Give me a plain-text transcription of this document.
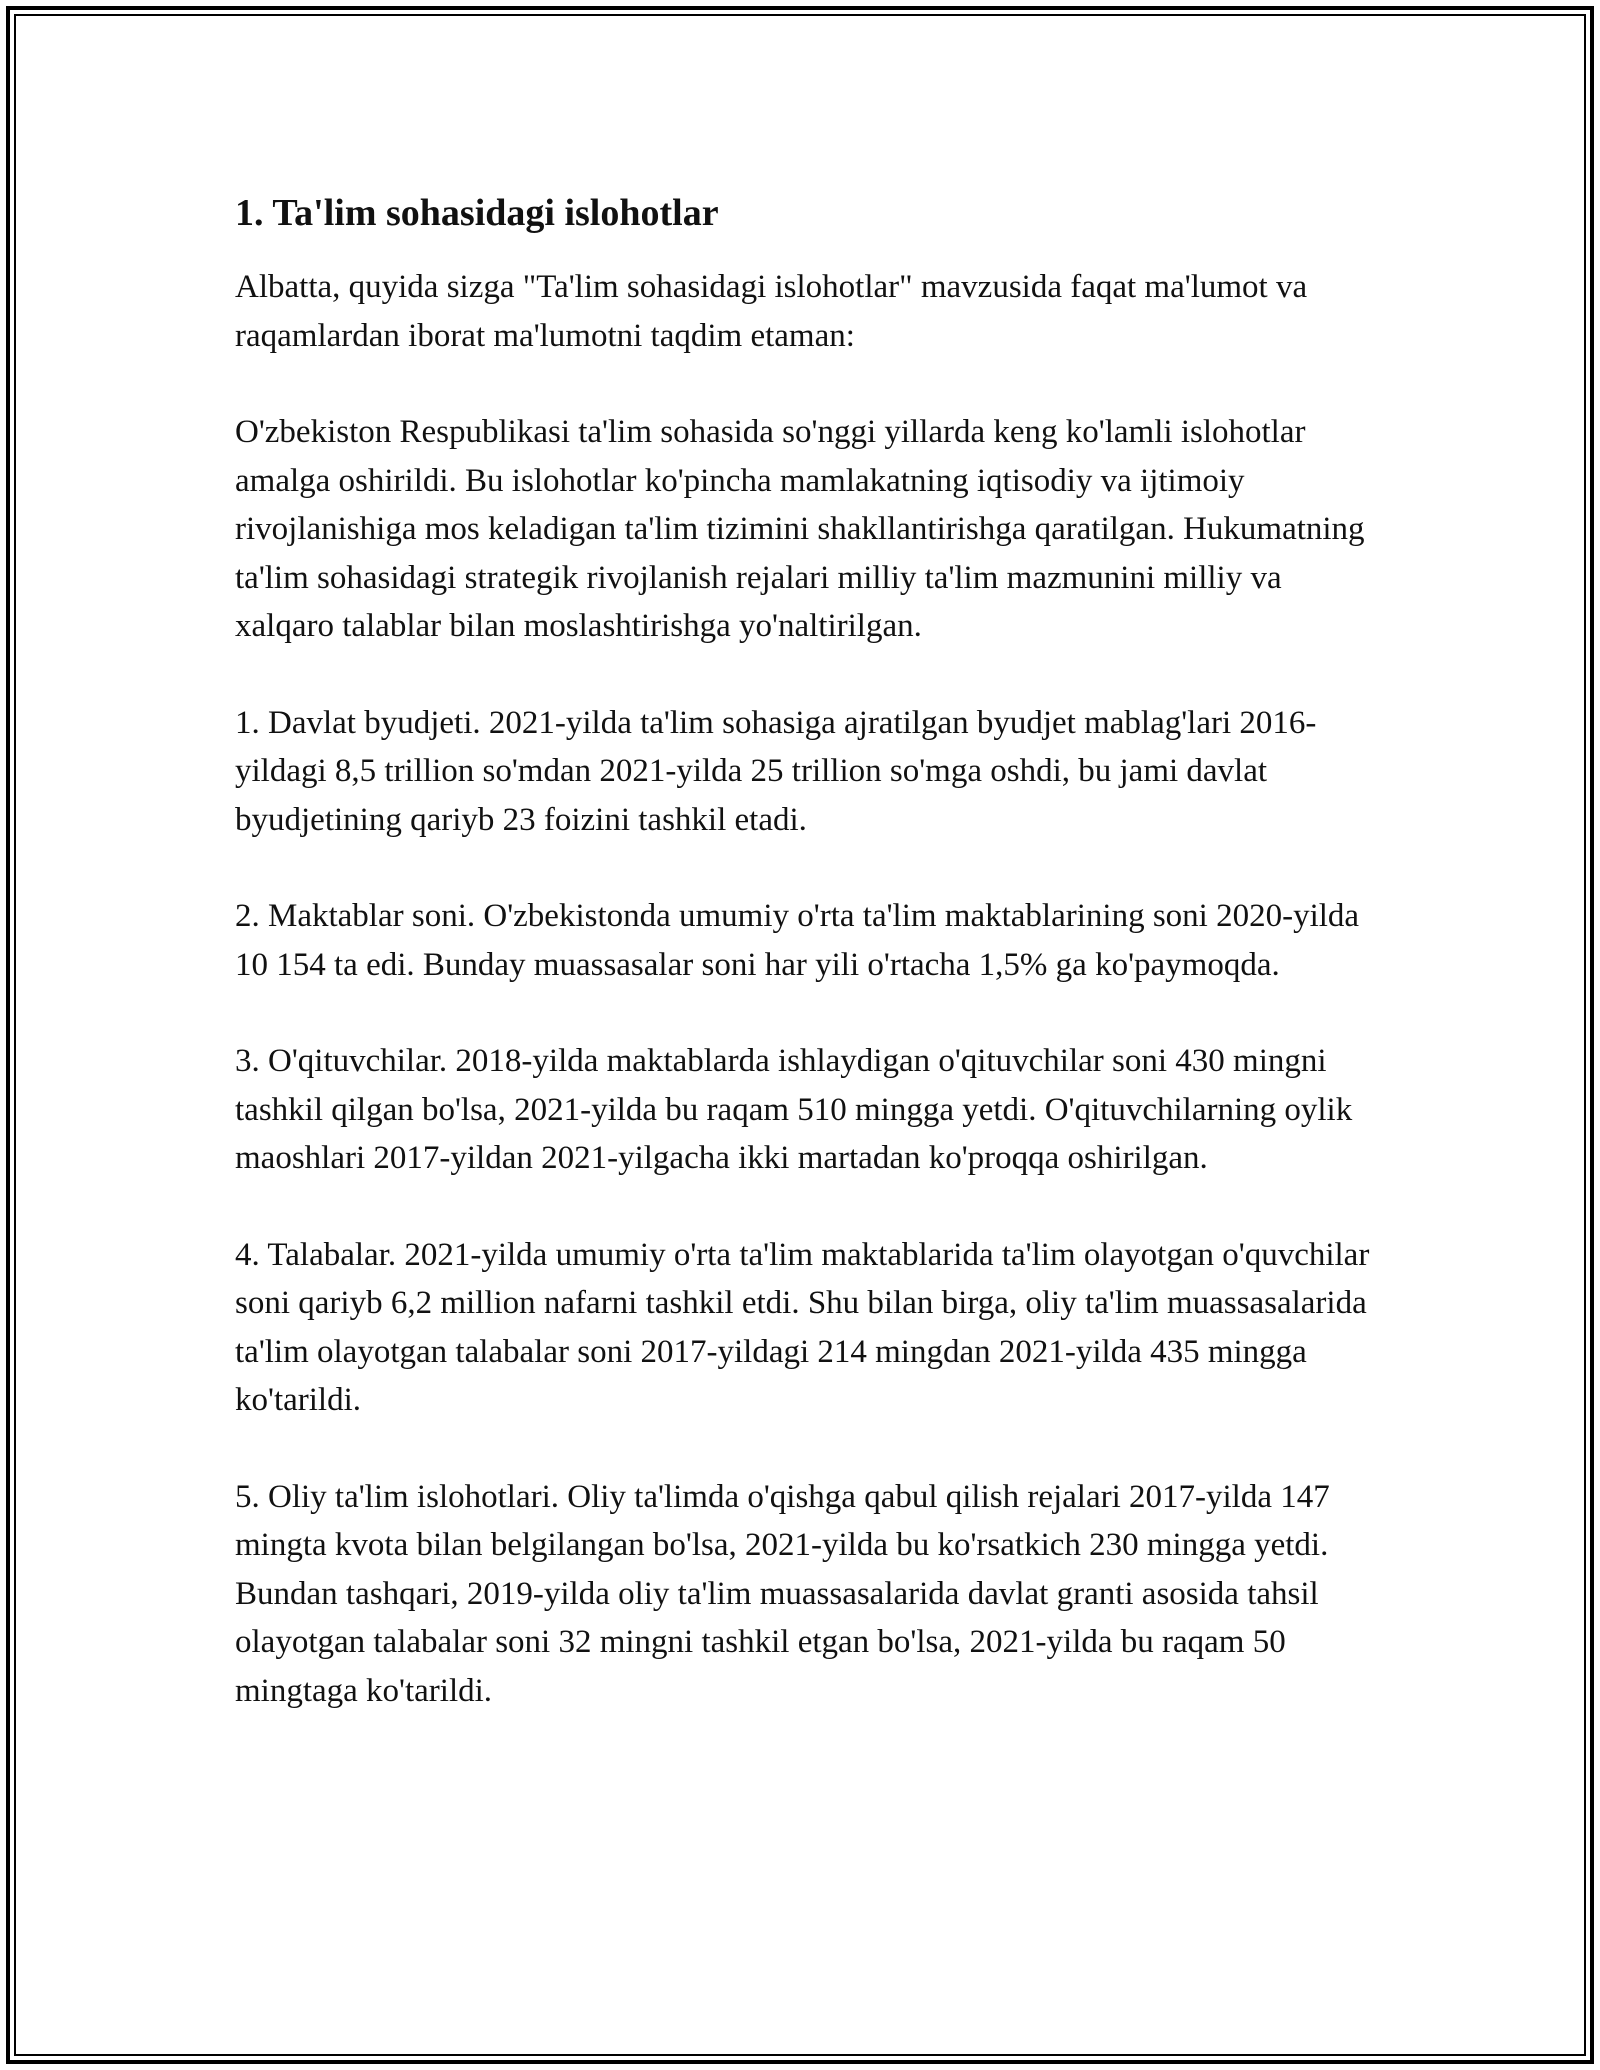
1. Ta'lim sohasidagi islohotlar

Albatta, quyida sizga "Ta'lim sohasidagi islohotlar" mavzusida faqat ma'lumot va raqamlardan iborat ma'lumotni taqdim etaman:

O'zbekiston Respublikasi ta'lim sohasida so'nggi yillarda keng ko'lamli islohotlar amalga oshirildi. Bu islohotlar ko'pincha mamlakatning iqtisodiy va ijtimoiy rivojlanishiga mos keladigan ta'lim tizimini shakllantirishga qaratilgan. Hukumatning ta'lim sohasidagi strategik rivojlanish rejalari milliy ta'lim mazmunini milliy va xalqaro talablar bilan moslashtirishga yo'naltirilgan.

1. Davlat byudjeti. 2021-yilda ta'lim sohasiga ajratilgan byudjet mablag'lari 2016-yildagi 8,5 trillion so'mdan 2021-yilda 25 trillion so'mga oshdi, bu jami davlat byudjetining qariyb 23 foizini tashkil etadi.

2. Maktablar soni. O'zbekistonda umumiy o'rta ta'lim maktablarining soni 2020-yilda 10 154 ta edi. Bunday muassasalar soni har yili o'rtacha 1,5% ga ko'paymoqda.

3. O'qituvchilar. 2018-yilda maktablarda ishlaydigan o'qituvchilar soni 430 mingni tashkil qilgan bo'lsa, 2021-yilda bu raqam 510 mingga yetdi. O'qituvchilarning oylik maoshlari 2017-yildan 2021-yilgacha ikki martadan ko'proqqa oshirilgan.

4. Talabalar. 2021-yilda umumiy o'rta ta'lim maktablarida ta'lim olayotgan o'quvchilar soni qariyb 6,2 million nafarni tashkil etdi. Shu bilan birga, oliy ta'lim muassasalarida ta'lim olayotgan talabalar soni 2017-yildagi 214 mingdan 2021-yilda 435 mingga ko'tarildi.

5. Oliy ta'lim islohotlari. Oliy ta'limda o'qishga qabul qilish rejalari 2017-yilda 147 mingta kvota bilan belgilangan bo'lsa, 2021-yilda bu ko'rsatkich 230 mingga yetdi. Bundan tashqari, 2019-yilda oliy ta'lim muassasalarida davlat granti asosida tahsil olayotgan talabalar soni 32 mingni tashkil etgan bo'lsa, 2021-yilda bu raqam 50 mingtaga ko'tarildi.
